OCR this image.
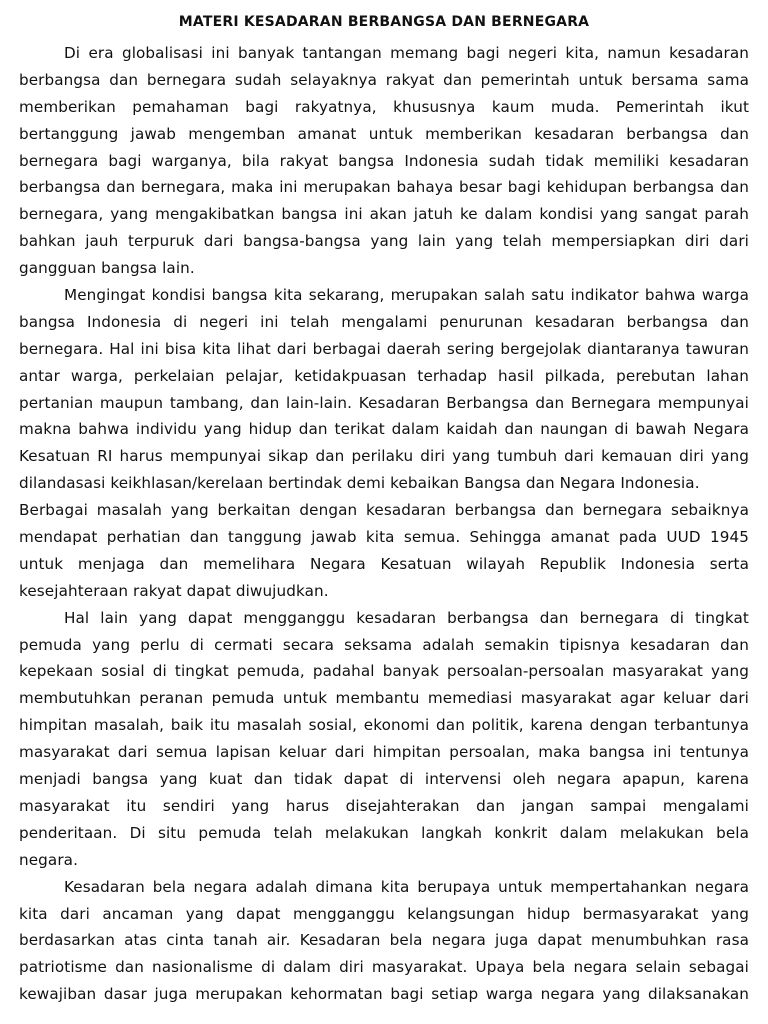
MATERI KESADARAN BERBANGSA DAN BERNEGARA
Di era globalisasi ini banyak tantangan memang bagi negeri kita, namun kesadaran
berbangsa dan bernegara sudah selayaknya rakyat dan pemerintah untuk bersama sama
memberikan pemahaman bagi rakyatnya, khususnya kaum muda. Pemerintah ikut
bertanggung jawab mengemban amanat untuk memberikan kesadaran berbangsa dan
bernegara bagi warganya, bila rakyat bangsa Indonesia sudah tidak memiliki kesadaran
berbangsa dan bernegara, maka ini merupakan bahaya besar bagi kehidupan berbangsa dan
bernegara, yang mengakibatkan bangsa ini akan jatuh ke dalam kondisi yang sangat parah
bahkan jauh terpuruk dari bangsa-bangsa yang lain yang telah mempersiapkan diri dari
gangguan bangsa lain.
Mengingat kondisi bangsa kita sekarang, merupakan salah satu indikator bahwa warga
bangsa Indonesia di negeri ini telah mengalami penurunan kesadaran berbangsa dan
bernegara. Hal ini bisa kita lihat dari berbagai daerah sering bergejolak diantaranya tawuran
antar warga, perkelaian pelajar, ketidakpuasan terhadap hasil pilkada, perebutan lahan
pertanian maupun tambang, dan lain-lain. Kesadaran Berbangsa dan Bernegara mempunyai
makna bahwa individu yang hidup dan terikat dalam kaidah dan naungan di bawah Negara
Kesatuan RI harus mempunyai sikap dan perilaku diri yang tumbuh dari kemauan diri yang
dilandasasi keikhlasan/kerelaan bertindak demi kebaikan Bangsa dan Negara Indonesia.
Berbagai masalah yang berkaitan dengan kesadaran berbangsa dan bernegara sebaiknya
mendapat perhatian dan tanggung jawab kita semua. Sehingga amanat pada UUD 1945
untuk menjaga dan memelihara Negara Kesatuan wilayah Republik Indonesia serta
kesejahteraan rakyat dapat diwujudkan.
Hal lain yang dapat mengganggu kesadaran berbangsa dan bernegara di tingkat
pemuda yang perlu di cermati secara seksama adalah semakin tipisnya kesadaran dan
kepekaan sosial di tingkat pemuda, padahal banyak persoalan-persoalan masyarakat yang
membutuhkan peranan pemuda untuk membantu memediasi masyarakat agar keluar dari
himpitan masalah, baik itu masalah sosial, ekonomi dan politik, karena dengan terbantunya
masyarakat dari semua lapisan keluar dari himpitan persoalan, maka bangsa ini tentunya
menjadi bangsa yang kuat dan tidak dapat di intervensi oleh negara apapun, karena
masyarakat itu sendiri yang harus disejahterakan dan jangan sampai mengalami
penderitaan. Di situ pemuda telah melakukan langkah konkrit dalam melakukan bela
negara.
Kesadaran bela negara adalah dimana kita berupaya untuk mempertahankan negara
kita dari ancaman yang dapat mengganggu kelangsungan hidup bermasyarakat yang
berdasarkan atas cinta tanah air. Kesadaran bela negara juga dapat menumbuhkan rasa
patriotisme dan nasionalisme di dalam diri masyarakat. Upaya bela negara selain sebagai
kewajiban dasar juga merupakan kehormatan bagi setiap warga negara yang dilaksanakan
